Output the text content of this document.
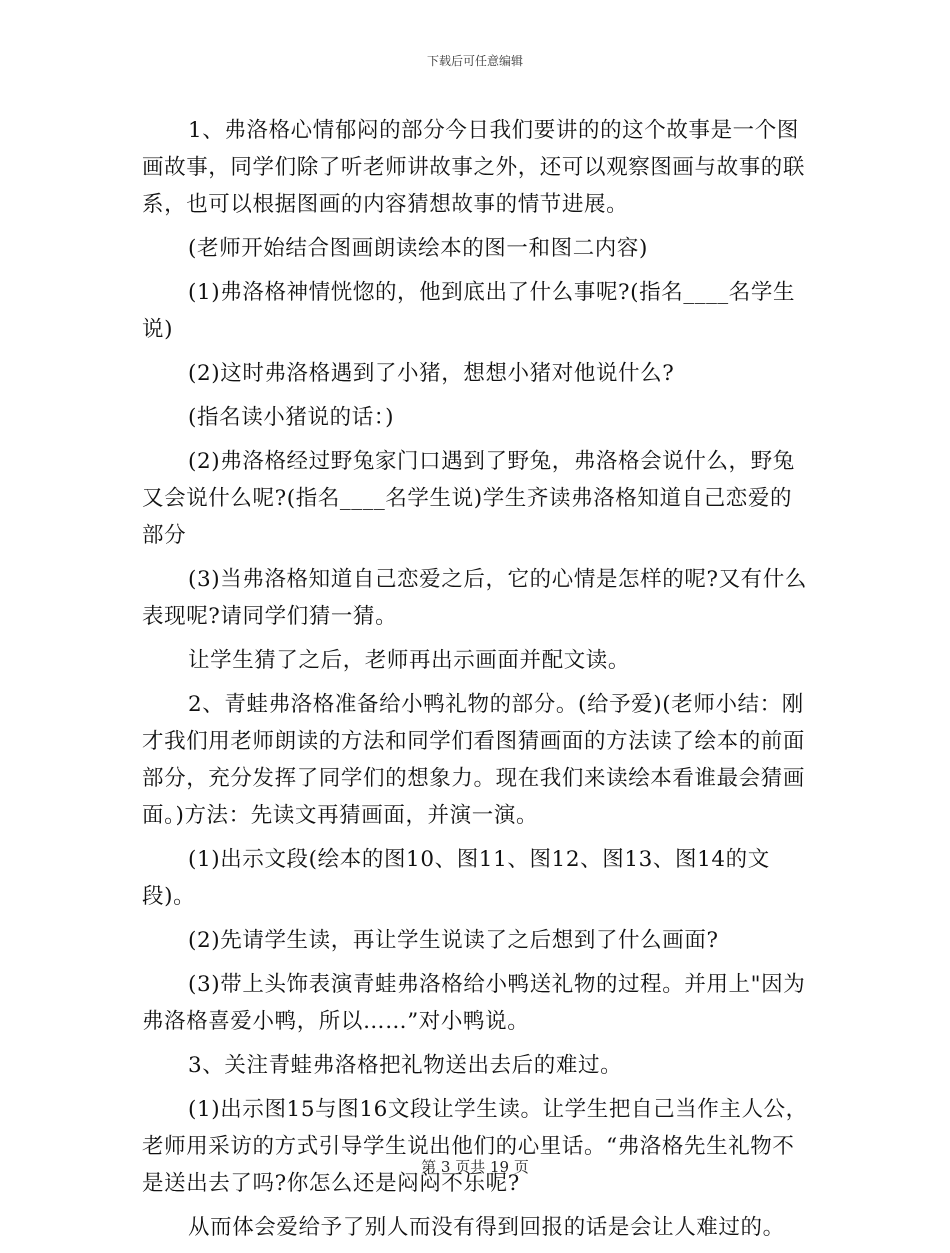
下载后可任意编辑

1、弗洛格心情郁闷的部分今日我们要讲的的这个故事是一个图画故事，同学们除了听老师讲故事之外，还可以观察图画与故事的联系，也可以根据图画的内容猜想故事的情节进展。

(老师开始结合图画朗读绘本的图一和图二内容)

(1)弗洛格神情恍惚的，他到底出了什么事呢?(指名____名学生说)

(2)这时弗洛格遇到了小猪，想想小猪对他说什么?

(指名读小猪说的话：)

(2)弗洛格经过野兔家门口遇到了野兔，弗洛格会说什么，野兔又会说什么呢?(指名____名学生说)学生齐读弗洛格知道自己恋爱的部分

(3)当弗洛格知道自己恋爱之后，它的心情是怎样的呢?又有什么表现呢?请同学们猜一猜。

让学生猜了之后，老师再出示画面并配文读。

2、青蛙弗洛格准备给小鸭礼物的部分。(给予爱)(老师小结：刚才我们用老师朗读的方法和同学们看图猜画面的方法读了绘本的前面部分，充分发挥了同学们的想象力。现在我们来读绘本看谁最会猜画面。)方法：先读文再猜画面，并演一演。

(1)出示文段(绘本的图10、图11、图12、图13、图14的文段)。

(2)先请学生读，再让学生说读了之后想到了什么画面?

(3)带上头饰表演青蛙弗洛格给小鸭送礼物的过程。并用上"因为弗洛格喜爱小鸭，所以……”对小鸭说。

3、关注青蛙弗洛格把礼物送出去后的难过。

(1)出示图15与图16文段让学生读。让学生把自己当作主人公，老师用采访的方式引导学生说出他们的心里话。“弗洛格先生礼物不是送出去了吗?你怎么还是闷闷不乐呢?

从而体会爱给予了别人而没有得到回报的话是会让人难过的。

第 3 页共 19 页
